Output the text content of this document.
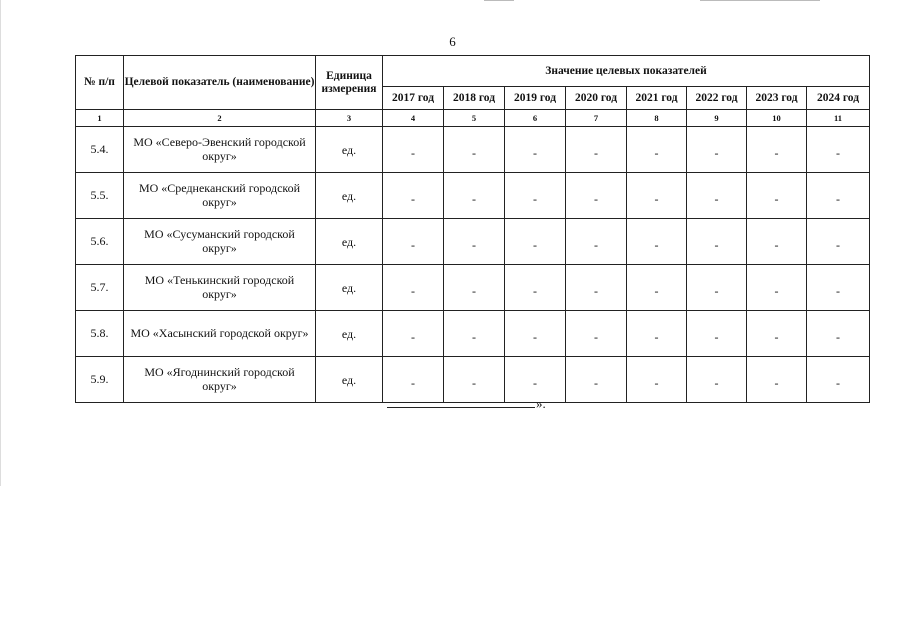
6
№ п/п	Целевой показатель (наименование)	Единица измерения	Значение целевых показателей							
			2017 год	2018 год	2019 год	2020 год	2021 год	2022 год	2023 год	2024 год
1	2	3	4	5	6	7	8	9	10	11
5.4.	МО «Северо-Эвенский городской округ»	ед.	-	-	-	-	-	-	-	-
5.5.	МО «Среднеканский городской округ»	ед.	-	-	-	-	-	-	-	-
5.6.	МО «Сусуманский городской округ»	ед.	-	-	-	-	-	-	-	-
5.7.	МО «Тенькинский городской округ»	ед.	-	-	-	-	-	-	-	-
5.8.	МО «Хасынский городской округ»	ед.	-	-	-	-	-	-	-	-
5.9.	МО «Ягоднинский городской округ»	ед.	-	-	-	-	-	-	-	-
».
